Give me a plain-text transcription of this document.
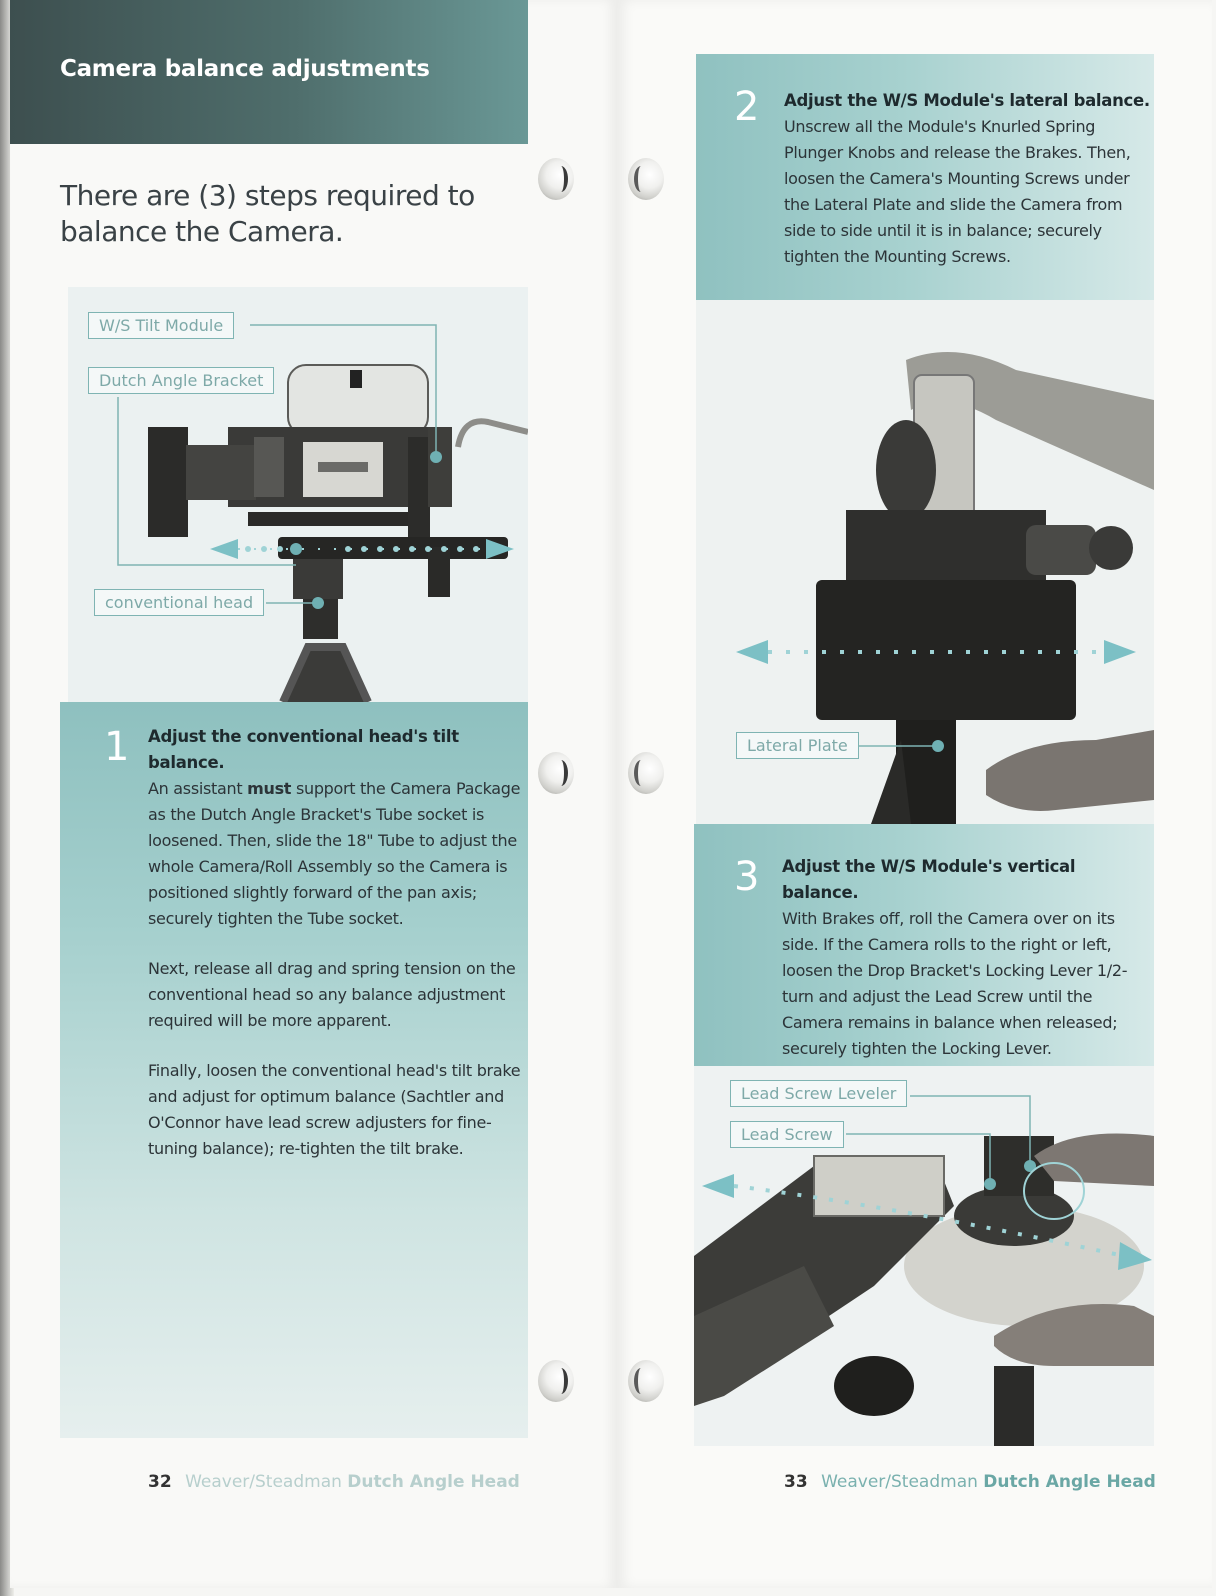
Camera balance adjustments
There are (3) steps required to balance the Camera.
W/S Tilt Module
Dutch Angle Bracket
conventional head
1 Adjust the conventional head's tilt balance.
An assistant must support the Camera Package as the Dutch Angle Bracket's Tube socket is loosened. Then, slide the 18" Tube to adjust the whole Camera/Roll Assembly so the Camera is positioned slightly forward of the pan axis; securely tighten the Tube socket.

Next, release all drag and spring tension on the conventional head so any balance adjustment required will be more apparent.

Finally, loosen the conventional head's tilt brake and adjust for optimum balance (Sachtler and O'Connor have lead screw adjusters for fine-tuning balance); re-tighten the tilt brake.

32 Weaver/Steadman Dutch Angle Head
2 Adjust the W/S Module's lateral balance.
Unscrew all the Module's Knurled Spring Plunger Knobs and release the Brakes. Then, loosen the Camera's Mounting Screws under the Lateral Plate and slide the Camera from side to side until it is in balance; securely tighten the Mounting Screws.
Lateral Plate
3 Adjust the W/S Module's vertical balance.
With Brakes off, roll the Camera over on its side. If the Camera rolls to the right or left, loosen the Drop Bracket's Locking Lever 1/2-turn and adjust the Lead Screw until the Camera remains in balance when released; securely tighten the Locking Lever.
Lead Screw Leveler
Lead Screw
33 Weaver/Steadman Dutch Angle Head
